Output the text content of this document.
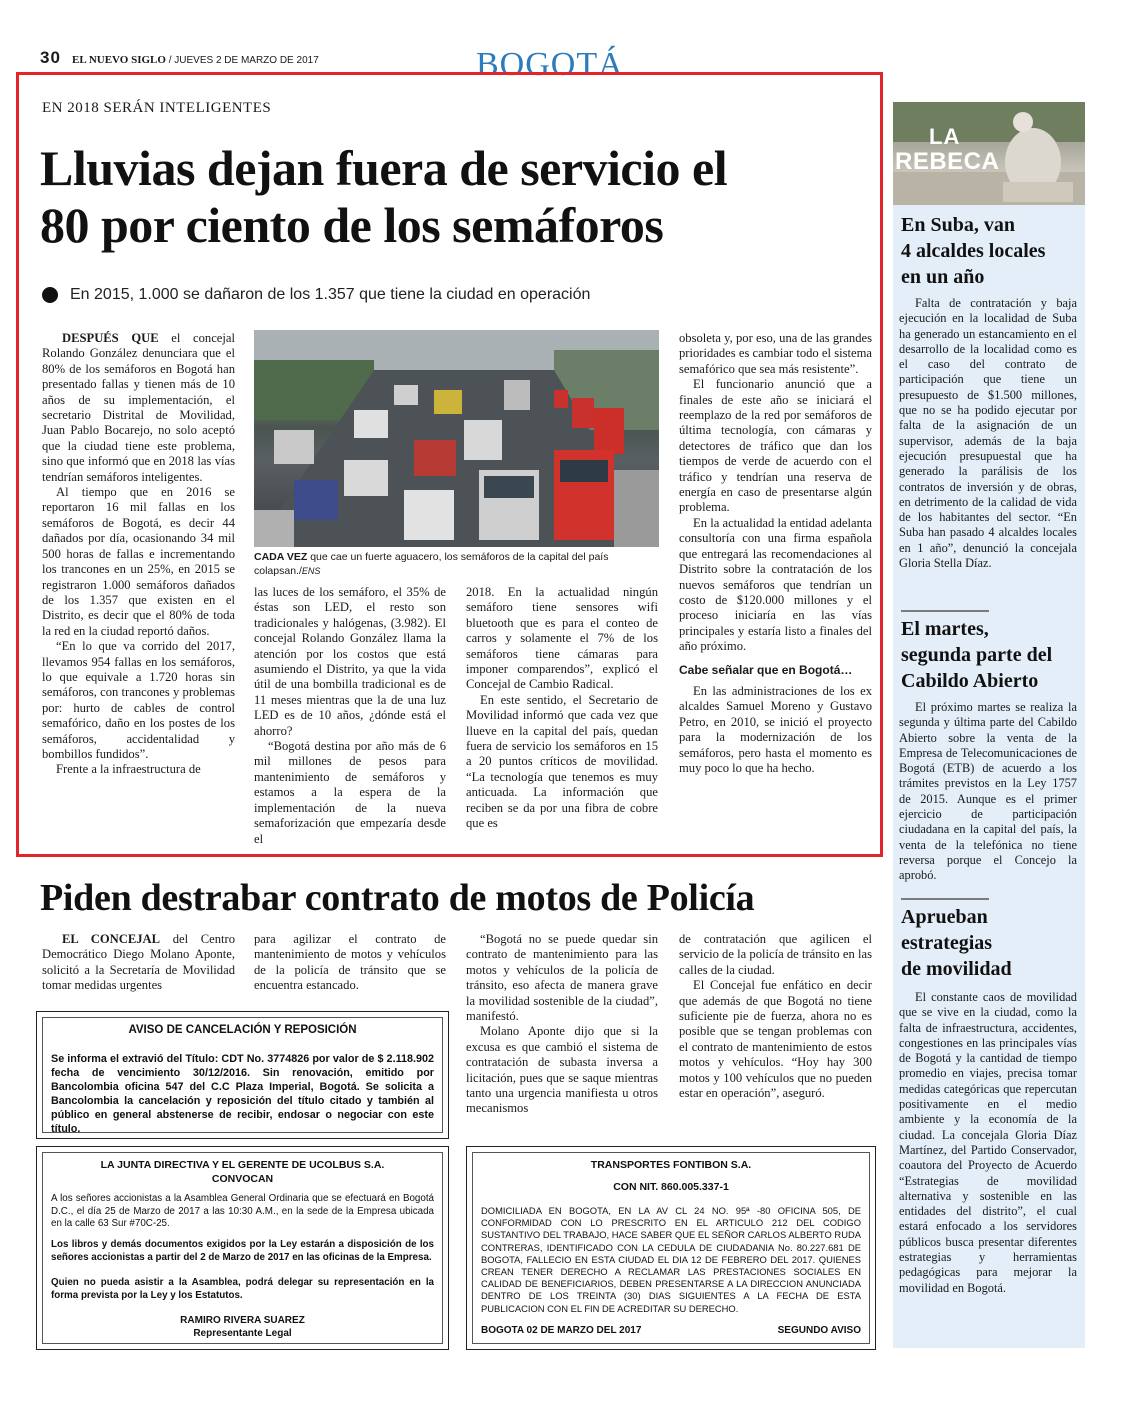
30 EL NUEVO SIGLO / JUEVES 2 DE MARZO DE 2017	BOGOTÁ
EN 2018 SERÁN INTELIGENTES
Lluvias dejan fuera de servicio el
80 por ciento de los semáforos
En 2015, 1.000 se dañaron de los 1.357 que tiene la ciudad en operación

DESPUÉS QUE el concejal Rolando González denunciara que el 80% de los semáforos en Bogotá han presentado fallas y tienen más de 10 años de su implementación, el secretario Distrital de Movilidad, Juan Pablo Bocarejo, no solo aceptó que la ciudad tiene este problema, sino que informó que en 2018 las vías tendrían semáforos inteligentes.

Al tiempo que en 2016 se reportaron 16 mil fallas en los semáforos de Bogotá, es decir 44 dañados por día, ocasionando 34 mil 500 horas de fallas e incrementando los trancones en un 25%, en 2015 se registraron 1.000 semáforos dañados de los 1.357 que existen en el Distrito, es decir que el 80% de toda la red en la ciudad reportó daños.

“En lo que va corrido del 2017, llevamos 954 fallas en los semáforos, lo que equivale a 1.720 horas sin semáforos, con trancones y problemas por: hurto de cables de control semafórico, daño en los postes de los semáforos, accidentalidad y bombillos fundidos”.

Frente a la infraestructura de

CADA VEZ que cae un fuerte aguacero, los semáforos de la capital del país colapsan./ENS

las luces de los semáforo, el 35% de éstas son LED, el resto son tradicionales y halógenas, (3.982). El concejal Rolando González llama la atención por los costos que está asumiendo el Distrito, ya que la vida útil de una bombilla tradicional es de 11 meses mientras que la de una luz LED es de 10 años, ¿dónde está el ahorro?

“Bogotá destina por año más de 6 mil millones de pesos para mantenimiento de semáforos y estamos a la espera de la implementación de la nueva semaforización que empezaría desde el

2018. En la actualidad ningún semáforo tiene sensores wifi bluetooth que es para el conteo de carros y solamente el 7% de los semáforos tiene cámaras para imponer comparendos”, explicó el Concejal de Cambio Radical.

En este sentido, el Secretario de Movilidad informó que cada vez que llueve en la capital del país, quedan fuera de servicio los semáforos en 15 a 20 puntos críticos de movilidad. “La tecnología que tenemos es muy anticuada. La información que reciben se da por una fibra de cobre que es

obsoleta y, por eso, una de las grandes prioridades es cambiar todo el sistema semafórico que sea más resistente”.

El funcionario anunció que a finales de este año se iniciará el reemplazo de la red por semáforos de última tecnología, con cámaras y detectores de tráfico que dan los tiempos de verde de acuerdo con el tráfico y tendrían una reserva de energía en caso de presentarse algún problema.

En la actualidad la entidad adelanta consultoría con una firma española que entregará las recomendaciones al Distrito sobre la contratación de los nuevos semáforos que tendrían un costo de $120.000 millones y el proceso iniciaría en las vías principales y estaría listo a finales del año próximo.

Cabe señalar que en Bogotá…

En las administraciones de los ex alcaldes Samuel Moreno y Gustavo Petro, en 2010, se inició el proyecto para la modernización de los semáforos, pero hasta el momento es muy poco lo que ha hecho.

Piden destrabar contrato de motos de Policía

EL CONCEJAL del Centro Democrático Diego Molano Aponte, solicitó a la Secretaría de Movilidad tomar medidas urgentes

para agilizar el contrato de mantenimiento de motos y vehículos de la policía de tránsito que se encuentra estancado.

“Bogotá no se puede quedar sin contrato de mantenimiento para las motos y vehículos de la policía de tránsito, eso afecta de manera grave la movilidad sostenible de la ciudad”, manifestó.

Molano Aponte dijo que si la excusa es que cambió el sistema de contratación de subasta inversa a licitación, pues que se saque mientras tanto una urgencia manifiesta u otros mecanismos

de contratación que agilicen el servicio de la policía de tránsito en las calles de la ciudad.

El Concejal fue enfático en decir que además de que Bogotá no tiene suficiente pie de fuerza, ahora no es posible que se tengan problemas con el contrato de mantenimiento de estos motos y vehículos. “Hoy hay 300 motos y 100 vehículos que no pueden estar en operación”, aseguró.

AVISO DE CANCELACIÓN Y REPOSICIÓN

Se informa el extravió del Título: CDT No. 3774826 por valor de $ 2.118.902 fecha de vencimiento 30/12/2016. Sin renovación, emitido por Bancolombia oficina 547 del C.C Plaza Imperial, Bogotá. Se solicita a Bancolombia la cancelación y reposición del título citado y también al público en general abstenerse de recibir, endosar o negociar con este título.

LA JUNTA DIRECTIVA Y EL GERENTE DE UCOLBUS S.A.
CONVOCAN

A los señores accionistas a la Asamblea General Ordinaria que se efectuará en Bogotá D.C., el día 25 de Marzo de 2017 a las 10:30 A.M., en la sede de la Empresa ubicada en la calle 63 Sur #70C-25.

Los libros y demás documentos exigidos por la Ley estarán a disposición de los señores accionistas a partir del 2 de Marzo de 2017 en las oficinas de la Empresa.

Quien no pueda asistir a la Asamblea, podrá delegar su representación en la forma prevista por la Ley y los Estatutos.

RAMIRO RIVERA SUAREZ
Representante Legal
TRANSPORTES FONTIBON S.A.
CON NIT. 860.005.337-1

DOMICILIADA EN BOGOTA, EN LA AV CL 24 NO. 95ª -80 OFICINA 505, DE CONFORMIDAD CON LO PRESCRITO EN EL ARTICULO 212 DEL CODIGO SUSTANTIVO DEL TRABAJO, HACE SABER QUE EL SEÑOR CARLOS ALBERTO RUDA CONTRERAS, IDENTIFICADO CON LA CEDULA DE CIUDADANIA No. 80.227.681 DE BOGOTA, FALLECIO EN ESTA CIUDAD EL DIA 12 DE FEBRERO DEL 2017. QUIENES CREAN TENER DERECHO A RECLAMAR LAS PRESTACIONES SOCIALES EN CALIDAD DE BENEFICIARIOS, DEBEN PRESENTARSE A LA DIRECCION ANUNCIADA DENTRO DE LOS TREINTA (30) DIAS SIGUIENTES A LA FECHA DE ESTA PUBLICACION CON EL FIN DE ACREDITAR SU DERECHO.

BOGOTA 02 DE MARZO DEL 2017	SEGUNDO AVISO
LA
REBECA
En Suba, van
4 alcaldes locales
en un año

Falta de contratación y baja ejecución en la localidad de Suba ha generado un estancamiento en el desarrollo de la localidad como es el caso del contrato de participación que tiene un presupuesto de $1.500 millones, que no se ha podido ejecutar por falta de la asignación de un supervisor, además de la baja ejecución presupuestal que ha generado la parálisis de los contratos de inversión y de obras, en detrimento de la calidad de vida de los habitantes del sector. “En Suba han pasado 4 alcaldes locales en 1 año”, denunció la concejala Gloria Stella Díaz.

El martes,
segunda parte del
Cabildo Abierto

El próximo martes se realiza la segunda y última parte del Cabildo Abierto sobre la venta de la Empresa de Telecomunicaciones de Bogotá (ETB) de acuerdo a los trámites previstos en la Ley 1757 de 2015. Aunque es el primer ejercicio de participación ciudadana en la capital del país, la venta de la telefónica no tiene reversa porque el Concejo la aprobó.

Aprueban
estrategias
de movilidad

El constante caos de movilidad que se vive en la ciudad, como la falta de infraestructura, accidentes, congestiones en las principales vías de Bogotá y la cantidad de tiempo promedio en viajes, precisa tomar medidas categóricas que repercutan positivamente en el medio ambiente y la economía de la ciudad. La concejala Gloria Díaz Martínez, del Partido Conservador, coautora del Proyecto de Acuerdo “Estrategias de movilidad alternativa y sostenible en las entidades del distrito”, el cual estará enfocado a los servidores públicos busca presentar diferentes estrategias y herramientas pedagógicas para mejorar la movilidad en Bogotá.
